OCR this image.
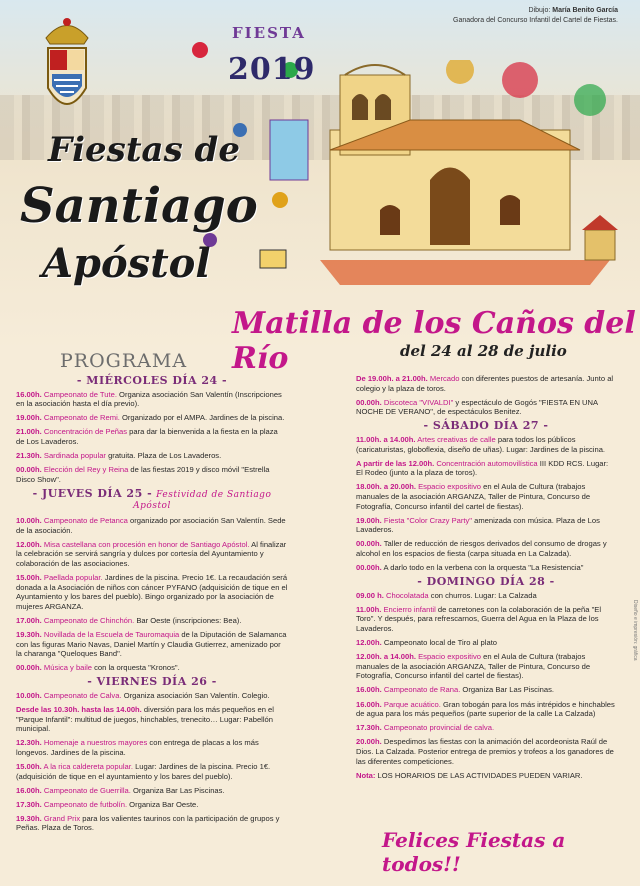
Dibujo: María Benito García
Ganadora del Concurso Infantil del Cartel de Fiestas.
FIESTA
2019
Fiestas de
Santiago
Apóstol
Matilla de los Caños del Río	del 24 al 28 de julio
PROGRAMA
- MIÉRCOLES DÍA 24 -
16.00h. Campeonato de Tute. Organiza asociación San Valentín (Inscripciones en la asociación hasta el día previo).
19.00h. Campeonato de Remi. Organizado por el AMPA. Jardines de la piscina.
21.00h. Concentración de Peñas para dar la bienvenida a la fiesta en la plaza de Los Lavaderos.
21.30h. Sardinada popular gratuita. Plaza de Los Lavaderos.
00.00h. Elección del Rey y Reina de las fiestas 2019 y disco móvil "Estrella Disco Show".
- JUEVES DÍA 25 - Festividad de Santiago Apóstol
10.00h. Campeonato de Petanca organizado por asociación San Valentín. Sede de la asociación.
12.00h. Misa castellana con procesión en honor de Santiago Apóstol. Al finalizar la celebración se servirá sangría y dulces por cortesía del Ayuntamiento y colaboración de las asociaciones.
15.00h. Paellada popular. Jardines de la piscina. Precio 1€. La recaudación será donada a la Asociación de niños con cáncer PYFANO (adquisición de tique en el Ayuntamiento y los bares del pueblo). Bingo organizado por la asociación de mujeres ARGANZA.
17.00h. Campeonato de Chinchón. Bar Oeste (inscripciones: Bea).
19.30h. Novillada de la Escuela de Tauromaquia de la Diputación de Salamanca con las figuras Mario Navas, Daniel Martín y Claudia Gutierrez, amenizado por la charanga "Queloques Band".
00.00h. Música y baile con la orquesta "Kronos".
- VIERNES DÍA 26 -
10.00h. Campeonato de Calva. Organiza asociación San Valentín. Colegio.
Desde las 10.30h. hasta las 14.00h. diversión para los más pequeños en el "Parque Infantil": multitud de juegos, hinchables, trenecito… Lugar: Pabellón municipal.
12.30h. Homenaje a nuestros mayores con entrega de placas a los más longevos. Jardines de la piscina.
15.00h. A la rica caldereta popular. Lugar: Jardines de la piscina. Precio 1€. (adquisición de tique en el ayuntamiento y los bares del pueblo).
16.00h. Campeonato de Guerrilla. Organiza Bar Las Piscinas.
17.30h. Campeonato de futbolín. Organiza Bar Oeste.
19.30h. Grand Prix para los valientes taurinos con la participación de grupos y Peñas. Plaza de Toros.
De 19.00h. a 21.00h. Mercado con diferentes puestos de artesanía. Junto al colegio y la plaza de toros.
00.00h. Discoteca "VIVALDI" y espectáculo de Gogós "FIESTA EN UNA NOCHE DE VERANO", de espectáculos Benitez.
- SÁBADO DÍA 27 -
11.00h. a 14.00h. Artes creativas de calle para todos los públicos (caricaturistas, globoflexia, diseño de uñas). Lugar: Jardines de la piscina.
A partir de las 12.00h. Concentración automovilística III KDD RCS. Lugar: El Rodeo (junto a la plaza de toros).
18.00h. a 20.00h. Espacio expositivo en el Aula de Cultura (trabajos manuales de la asociación ARGANZA, Taller de Pintura, Concurso de Fotografía, Concurso infantil del cartel de fiestas).
19.00h. Fiesta "Color Crazy Party" amenizada con música. Plaza de Los Lavaderos.
00.00h. Taller de reducción de riesgos derivados del consumo de drogas y alcohol en los espacios de fiesta (carpa situada en La Calzada).
00.00h. A darlo todo en la verbena con la orquesta "La Resistencia"
- DOMINGO DÍA 28 -
09.00 h. Chocolatada con churros. Lugar: La Calzada
11.00h. Encierro infantil de carretones con la colaboración de la peña "El Toro". Y después, para refrescarnos, Guerra del Agua en la Plaza de los Lavaderos.
12.00h. Campeonato local de Tiro al plato
12.00h. a 14.00h. Espacio expositivo en el Aula de Cultura (trabajos manuales de la asociación ARGANZA, Taller de Pintura, Concurso de Fotografía, Concurso infantil del cartel de fiestas).
16.00h. Campeonato de Rana. Organiza Bar Las Piscinas.
16.00h. Parque acuático. Gran tobogán para los más intrépidos e hinchables de agua para los más pequeños (parte superior de la calle La Calzada)
17.30h. Campeonato provincial de calva.
20.00h. Despedimos las fiestas con la animación del acordeonista Raúl de Dios. La Calzada. Posterior entrega de premios y trofeos a los ganadores de las diferentes competiciones.
Nota: LOS HORARIOS DE LAS ACTIVIDADES PUEDEN VARIAR.
Felices Fiestas a todos!!
Diseño e impresión: gráfica
